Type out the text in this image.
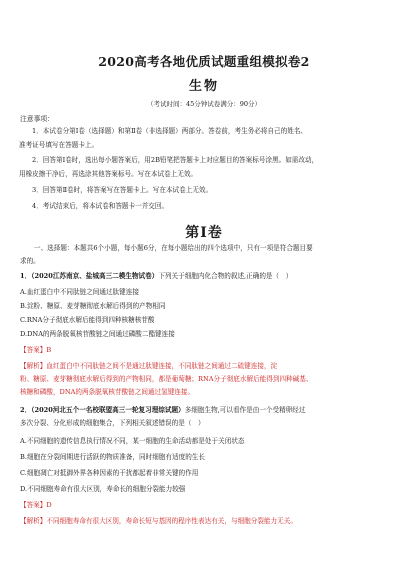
2020高考各地优质试题重组模拟卷2
生物
（考试时间：45分钟试卷满分：90分）
注意事项：
1．本试卷分第Ⅰ卷（选择题）和第Ⅱ卷（非选择题）两部分。答卷前，考生务必将自己的姓名、
准考证号填写在答题卡上。
2．回答第Ⅰ卷时，选出每小题答案后，用2B铅笔把答题卡上对应题目的答案标号涂黑。如需改动，
用橡皮擦干净后，再选涂其他答案标号。写在本试卷上无效。
3．回答第Ⅱ卷时，将答案写在答题卡上。写在本试卷上无效。
4．考试结束后，将本试卷和答题卡一并交回。
第Ⅰ卷
一、选择题：本题共6个小题，每小题6分，在每小题给出的四个选项中，只有一项是符合题目要
求的。
1．（2020江苏南京、盐城高三二模生物试卷）下列关于细胞内化合物的叙述,正确的是（　）
A.血红蛋白中不同肽链之间通过肽键连接
B.淀粉、糖原、麦芽糖彻底水解后得到的产物相同
C.RNA分子彻底水解后能得到四种核糖核苷酸
D.DNA的两条脱氧核苷酸链之间通过磷酸二酯键连接
【答案】B
【解析】血红蛋白中不同肽链之间不是通过肽键连接，不同肽链之间通过二硫键连接，淀
粉、糖原、麦芽糖彻底水解后得到的产物相同，都是葡萄糖；RNA分子彻底水解后能得到四种碱基、
核糖和磷酸，DNA的两条脱氧核苷酸链之间通过氢键连接。
2．（2020河北五个一名校联盟高三一轮复习理综试题）多细胞生物,可以看作是由一个受精卵经过
多次分裂、分化形成的细胞集合，下列相关叙述错误的是（　）
A.不同细胞的遗传信息执行情况不同，某一细胞的生命活动都是处于关闭状态
B.细胞在分裂间期进行活跃的物质准备，同时细胞有适度的生长
C.细胞凋亡对抵御外界各种因素的干扰都起着非常关键的作用
D.不同细胞寿命有很大区别，寿命长的细胞分裂能力较强
【答案】D
【解析】不同细胞寿命有很大区别，寿命长短与基因的程序性表达有关，与细胞分裂能力无关。
